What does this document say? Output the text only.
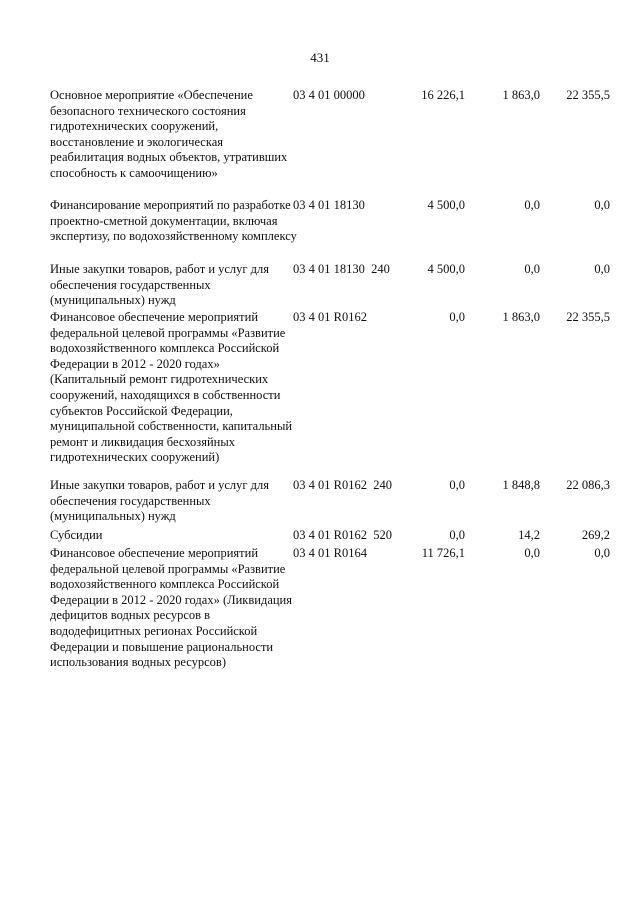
431
Основное мероприятие «Обеспечение безопасного технического состояния гидротехнических сооружений, восстановление и экологическая реабилитация водных объектов, утративших способность к самоочищению»
03 4 01 00000	16 226,1	1 863,0	22 355,5
Финансирование мероприятий по разработке проектно-сметной документации, включая экспертизу, по водохозяйственному комплексу
03 4 01 18130	4 500,0	0,0	0,0
Иные закупки товаров, работ и услуг для обеспечения государственных (муниципальных) нужд
03 4 01 18130  240	4 500,0	0,0	0,0
Финансовое обеспечение мероприятий федеральной целевой программы «Развитие водохозяйственного комплекса Российской Федерации в 2012 - 2020 годах» (Капитальный ремонт гидротехнических сооружений, находящихся в собственности субъектов Российской Федерации, муниципальной собственности, капитальный ремонт и ликвидация бесхозяйных гидротехнических сооружений)
03 4 01 R0162	0,0	1 863,0	22 355,5
Иные закупки товаров, работ и услуг для обеспечения государственных (муниципальных) нужд
03 4 01 R0162  240	0,0	1 848,8	22 086,3
Субсидии	03 4 01 R0162  520	0,0	14,2	269,2
Финансовое обеспечение мероприятий федеральной целевой программы «Развитие водохозяйственного комплекса Российской Федерации в 2012 - 2020 годах» (Ликвидация дефицитов водных ресурсов в вододефицитных регионах Российской Федерации и повышение рациональности использования водных ресурсов)
03 4 01 R0164	11 726,1	0,0	0,0
